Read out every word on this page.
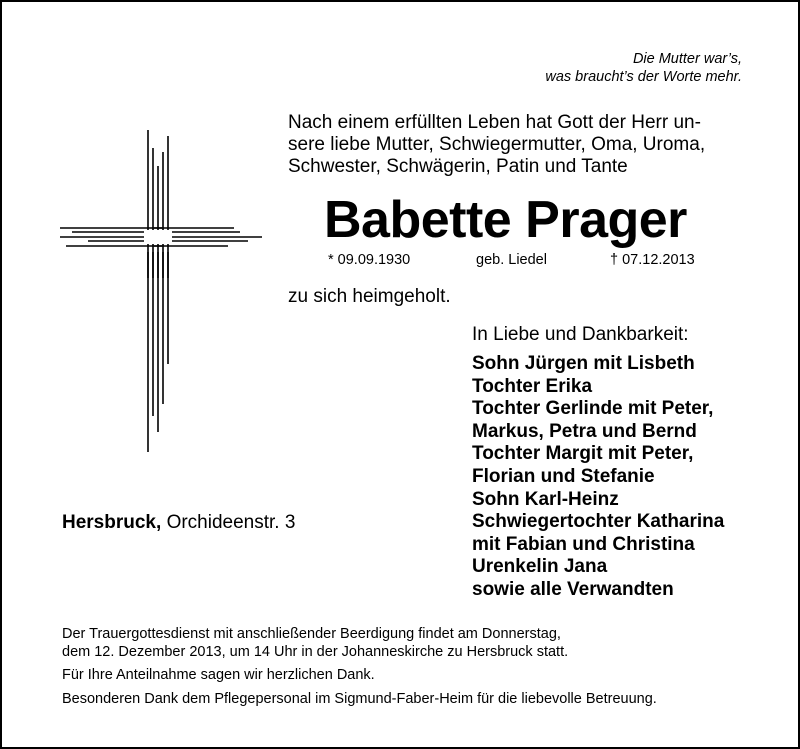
Die Mutter war’s,
was braucht’s der Worte mehr.
Nach einem erfüllten Leben hat Gott der Herr un-
sere liebe Mutter, Schwiegermutter, Oma, Uroma,
Schwester, Schwägerin, Patin und Tante
Babette Prager
* 09.09.1930	geb. Liedel	† 07.12.2013
zu sich heimgeholt.
In Liebe und Dankbarkeit:
Sohn Jürgen mit Lisbeth
Tochter Erika
Tochter Gerlinde mit Peter,
Markus, Petra und Bernd
Tochter Margit mit Peter,
Florian und Stefanie
Sohn Karl-Heinz
Schwiegertochter Katharina
mit Fabian und Christina
Urenkelin Jana
sowie alle Verwandten
Hersbruck, Orchideenstr. 3

Der Trauergottesdienst mit anschließender Beerdigung findet am Donnerstag,
dem 12. Dezember 2013, um 14 Uhr in der Johanneskirche zu Hersbruck statt.

Für Ihre Anteilnahme sagen wir herzlichen Dank.

Besonderen Dank dem Pflegepersonal im Sigmund-Faber-Heim für die liebevolle Betreuung.
